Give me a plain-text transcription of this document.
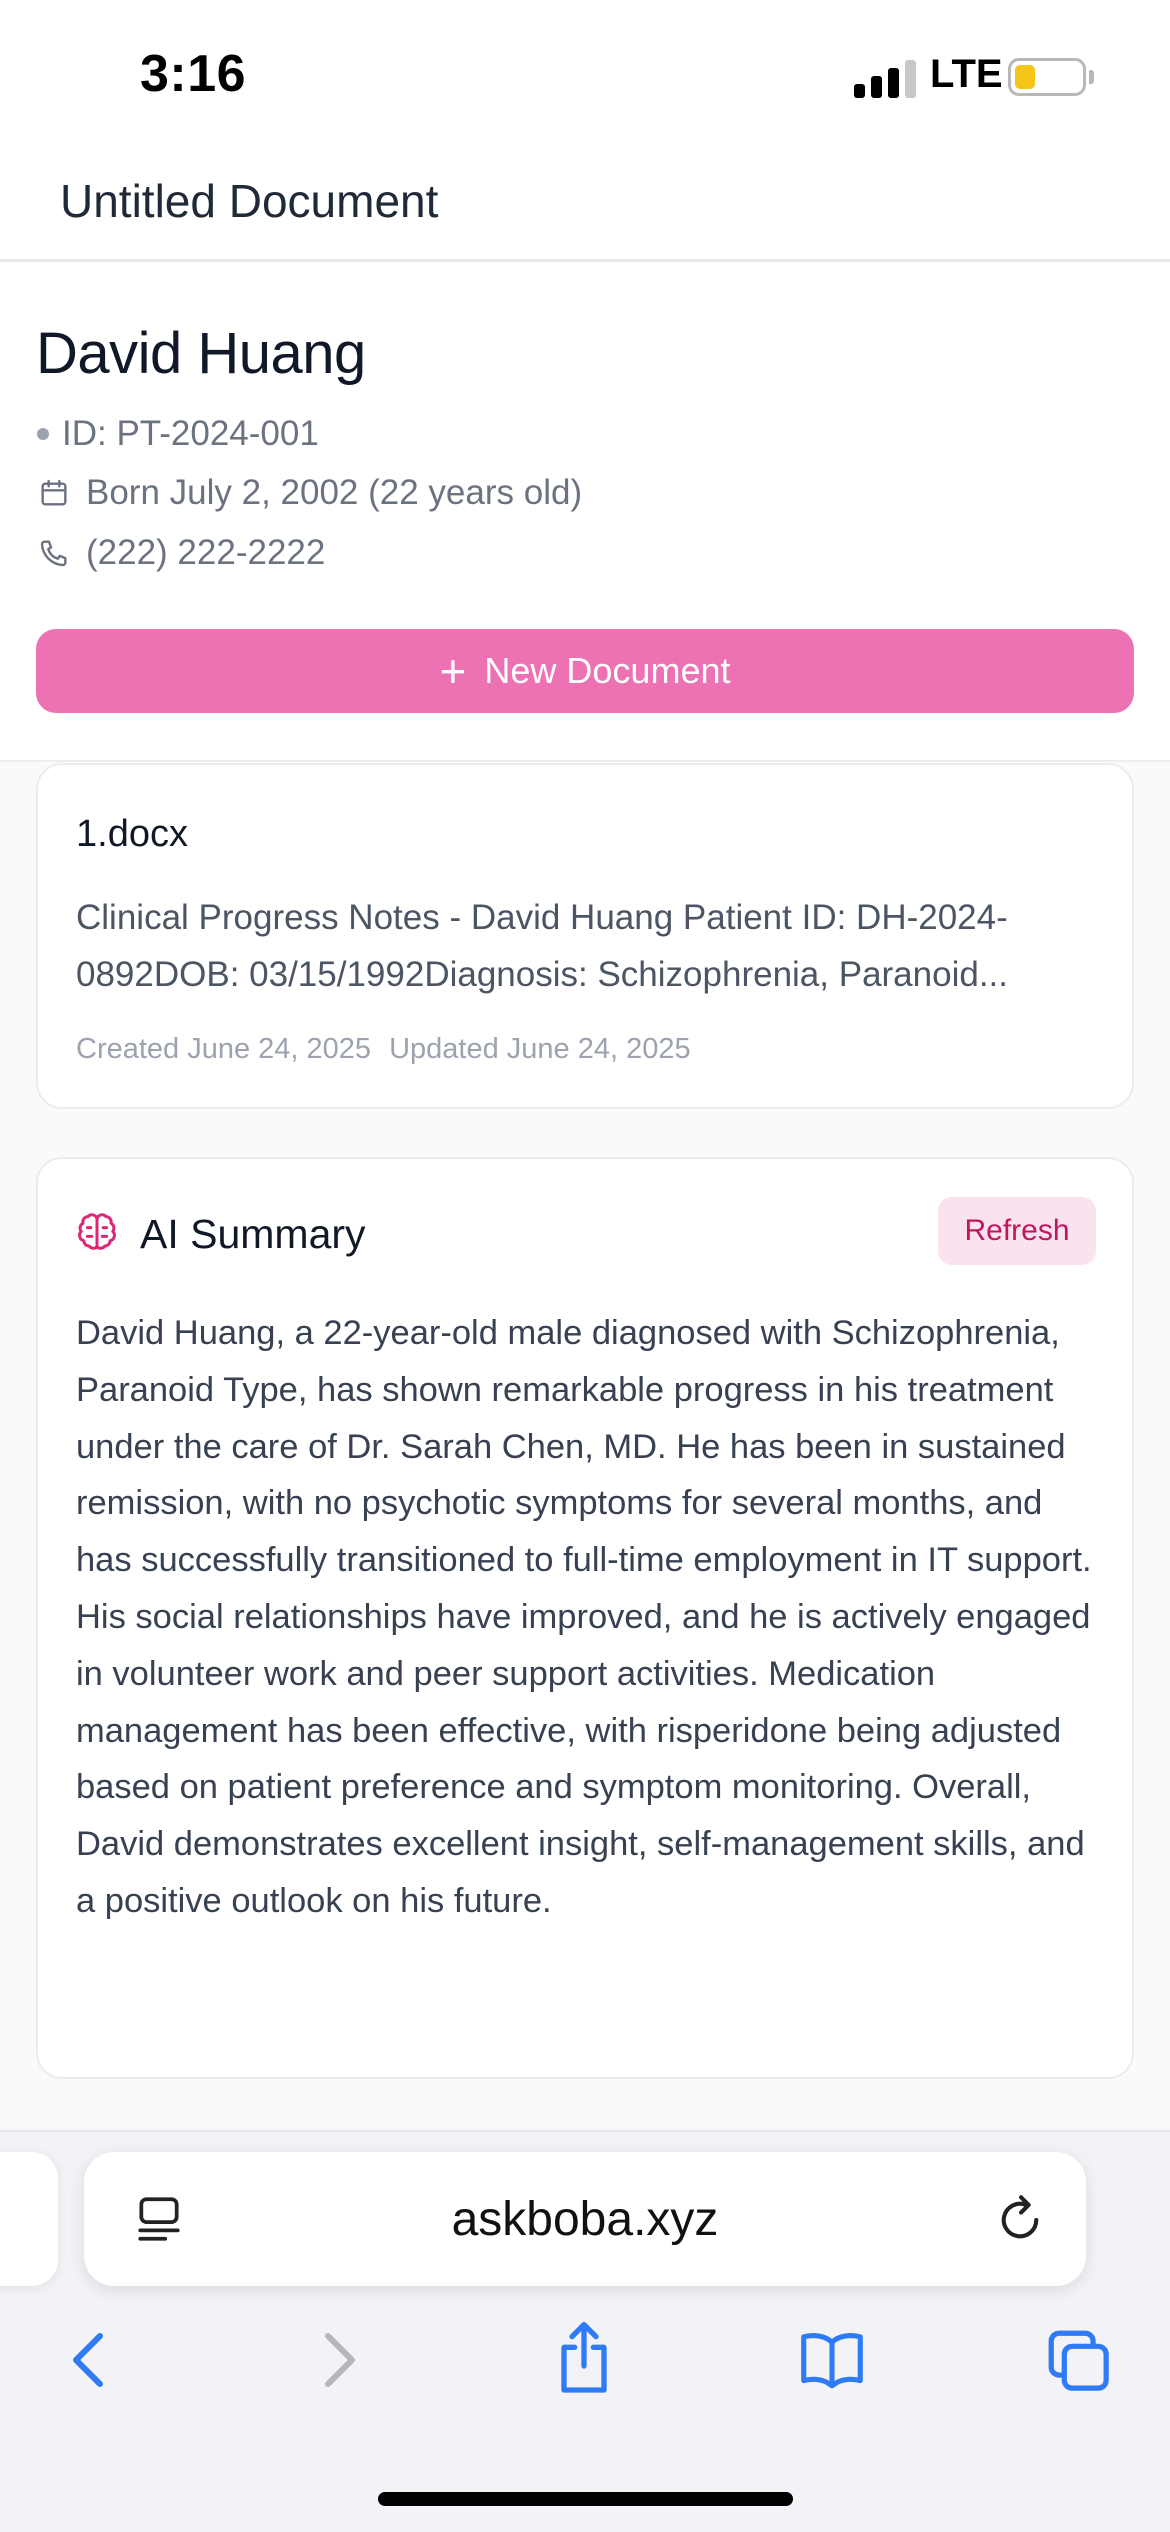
3:16	LTE
Untitled Document
David Huang
ID: PT-2024-001
Born July 2, 2002 (22 years old)
(222) 222-2222
+ New Document
1.docx
Clinical Progress Notes - David Huang Patient ID: DH-2024-
0892DOB: 03/15/1992Diagnosis: Schizophrenia, Paranoid...
Created June 24, 2025 Updated June 24, 2025
AI Summary	Refresh
David Huang, a 22-year-old male diagnosed with Schizophrenia, Paranoid Type, has shown remarkable progress in his treatment under the care of Dr. Sarah Chen, MD. He has been in sustained remission, with no psychotic symptoms for several months, and has successfully transitioned to full-time employment in IT support. His social relationships have improved, and he is actively engaged in volunteer work and peer support activities. Medication management has been effective, with risperidone being adjusted based on patient preference and symptom monitoring. Overall, David demonstrates excellent insight, self-management skills, and a positive outlook on his future.
askboba.xyz
